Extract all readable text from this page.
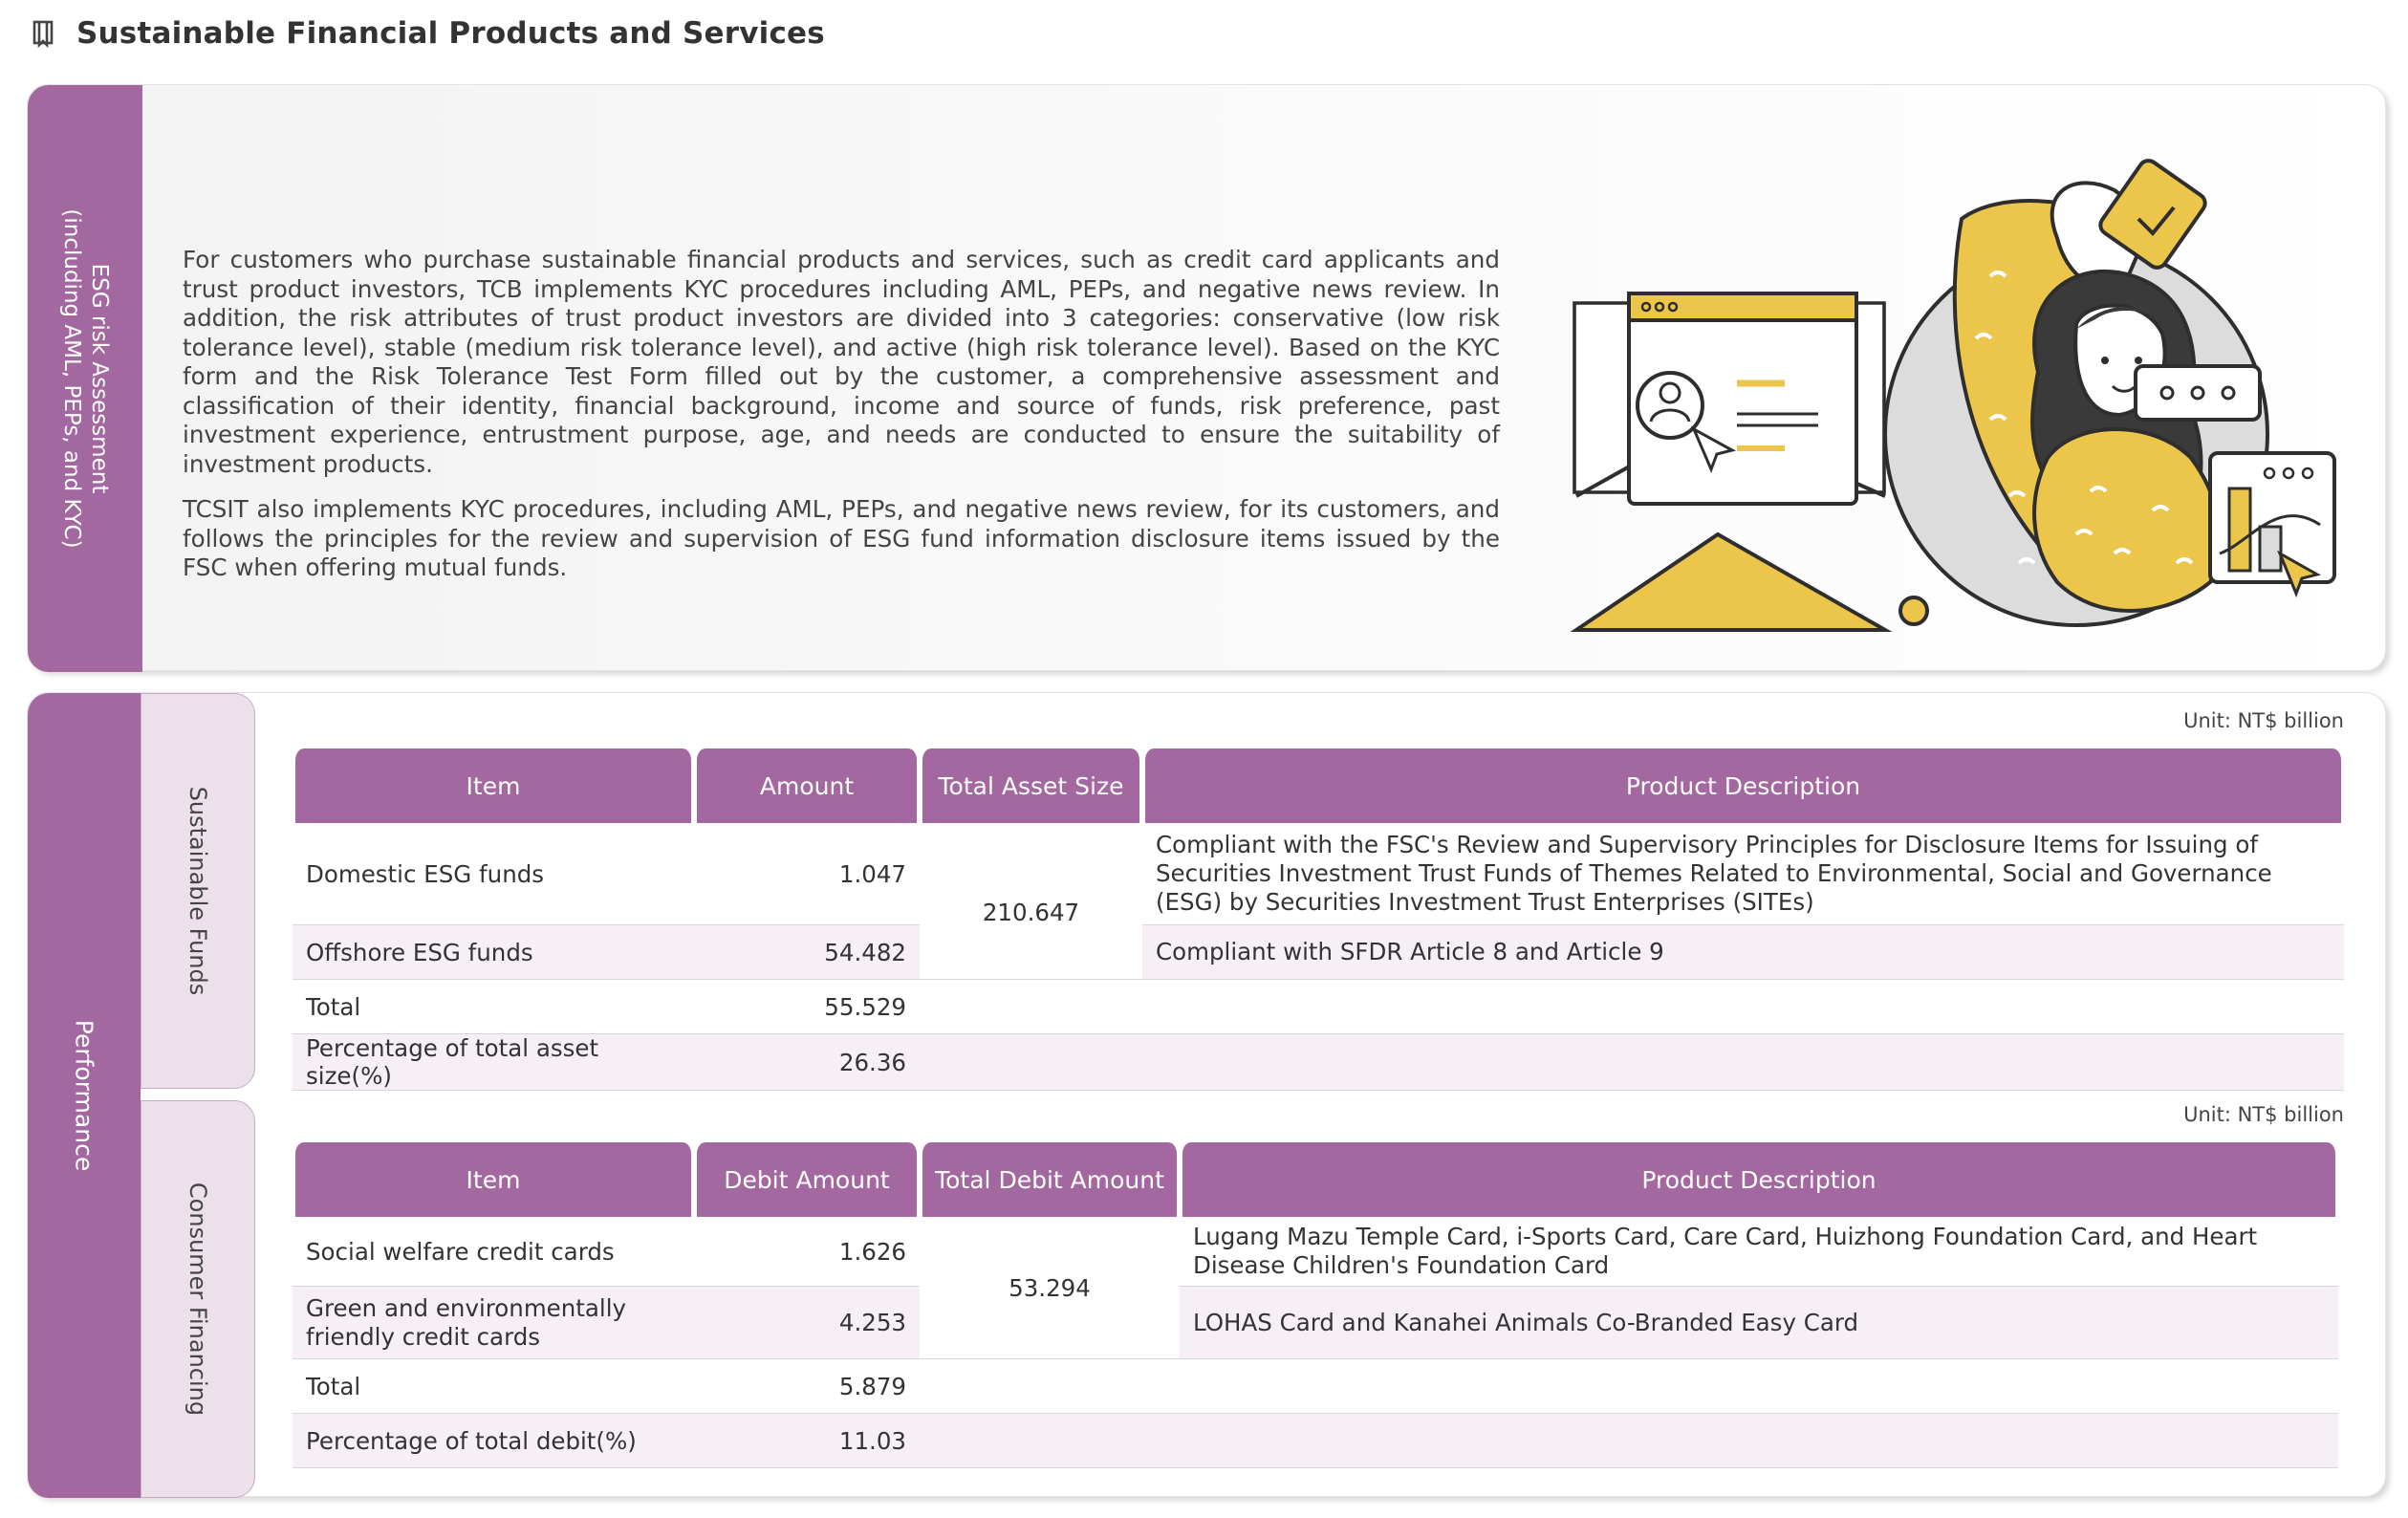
Sustainable Financial Products and Services
ESG risk Assessment
(including AML, PEPs, and KYC)	For customers who purchase sustainable financial products and services, such as credit card applicants and trust product investors, TCB implements KYC procedures including AML, PEPs, and negative news review. In addition, the risk attributes of trust product investors are divided into 3 categories: conservative (low risk tolerance level), stable (medium risk tolerance level), and active (high risk tolerance level). Based on the KYC form and the Risk Tolerance Test Form filled out by the customer, a comprehensive assessment and classification of their identity, financial background, income and source of funds, risk preference, past investment experience, entrustment purpose, age, and needs are conducted to ensure the suitability of investment products.

TCSIT also implements KYC procedures, including AML, PEPs, and negative news review, for its customers, and follows the principles for the review and supervision of ESG fund information disclosure items issued by the FSC when offering mutual funds.

Performance
Sustainable Funds
Consumer Financing
Unit: NT$ billion
Item	Amount	Total Asset Size	Product Description
Domestic ESG funds	1.047	210.647	Compliant with the FSC's Review and Supervisory Principles for Disclosure Items for Issuing of Securities Investment Trust Funds of Themes Related to Environmental, Social and Governance (ESG) by Securities Investment Trust Enterprises (SITEs)
Offshore ESG funds	54.482		Compliant with SFDR Article 8 and Article 9
Total	55.529		
Percentage of total asset size(%)	26.36		
Unit: NT$ billion
Item	Debit Amount	Total Debit Amount	Product Description
Social welfare credit cards	1.626	53.294	Lugang Mazu Temple Card, i-Sports Card, Care Card, Huizhong Foundation Card, and Heart Disease Children's Foundation Card

Green and environmentally
friendly credit cards	4.253		LOHAS Card and Kanahei Animals Co-Branded Easy Card
Total	5.879		
Percentage of total debit(%)	11.03		
